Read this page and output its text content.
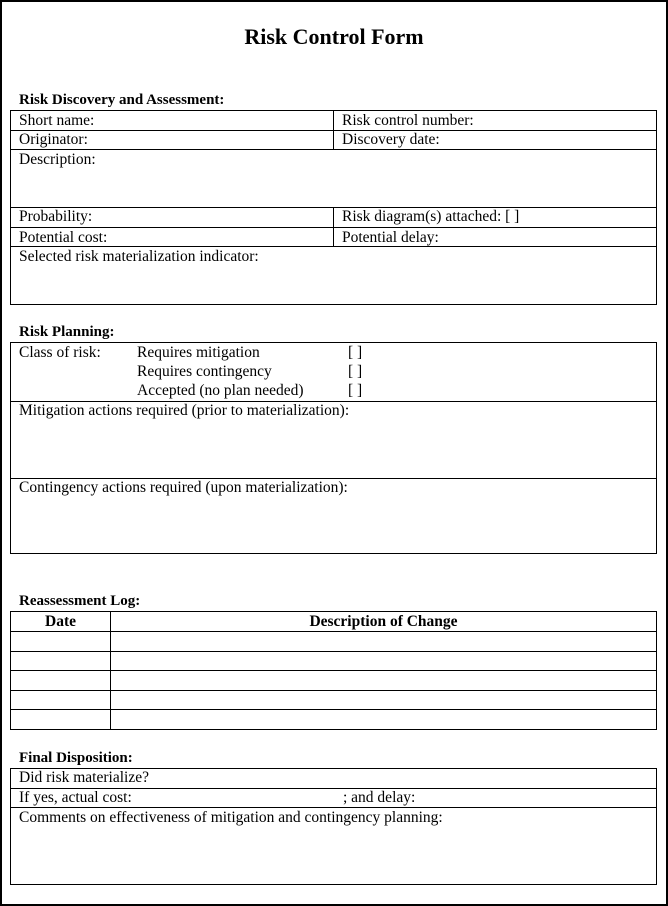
Risk Control Form
Risk Discovery and Assessment:
Short name:	Risk control number:
Originator:	Discovery date:
Description:
Probability:	Risk diagram(s) attached: [ ]
Potential cost:	Potential delay:
Selected risk materialization indicator:
Risk Planning:
Class of risk: Requires mitigation	[ ]
Requires contingency	[ ]
Accepted (no plan needed)	[ ]
Mitigation actions required (prior to materialization):
Contingency actions required (upon materialization):
Reassessment Log:
Date	Description of Change
Final Disposition:
Did risk materialize?
If yes, actual cost:	; and delay:
Comments on effectiveness of mitigation and contingency planning:
